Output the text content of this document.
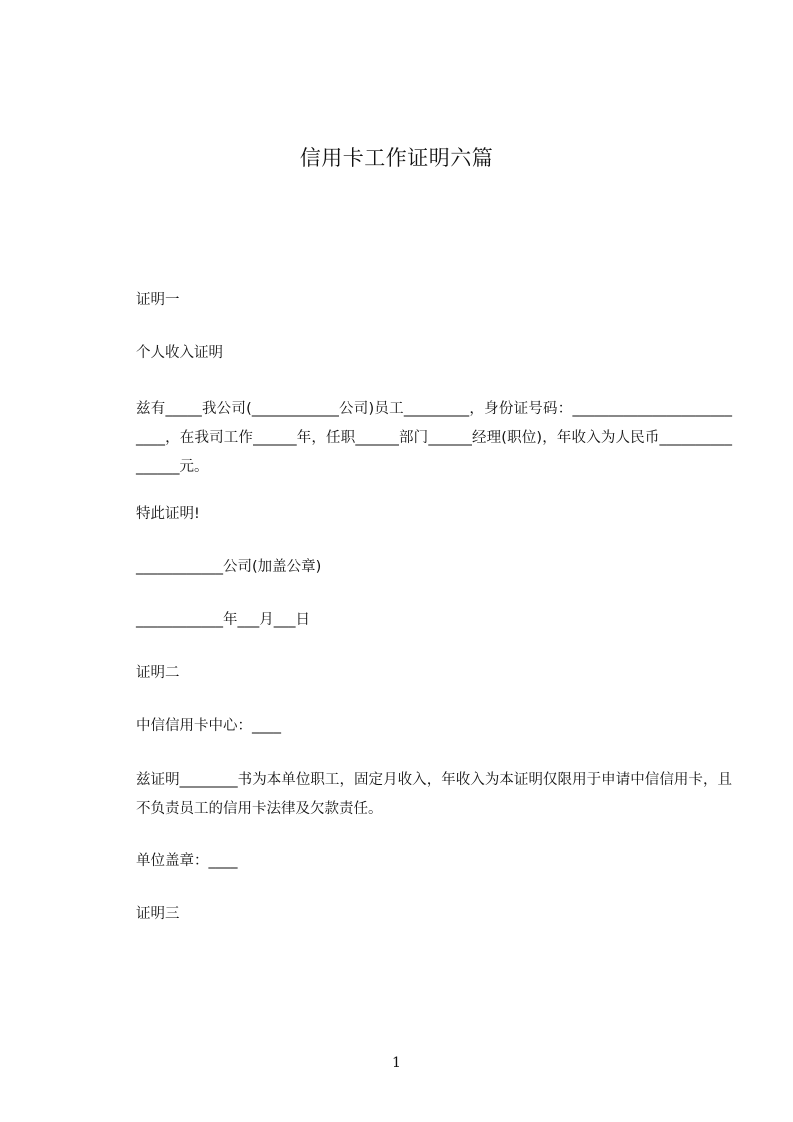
信用卡工作证明六篇
证明一
个人收入证明
兹有_____我公司(____________公司)员工_________，身份证号码：__________________________，在我司工作______年，任职______部门______经理(职位)，年收入为人民币________________元。
特此证明!
____________公司(加盖公章)
____________年___月___日
证明二
中信信用卡中心：____
兹证明________书为本单位职工，固定月收入，年收入为本证明仅限用于申请中信信用卡，且不负责员工的信用卡法律及欠款责任。
单位盖章：____
证明三
1
